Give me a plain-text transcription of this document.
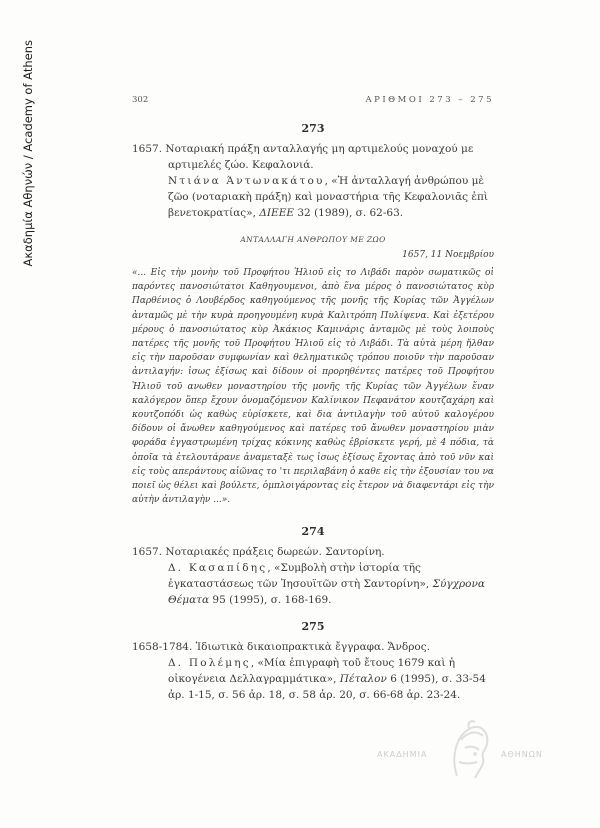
Ακαδημία Αθηνών / Academy of Athens	302	ΑΡΙΘΜΟΙ 273 – 275
273
1657. Νοταριακή πράξη ανταλλαγής μη αρτιμελούς μοναχού με αρτιμελές ζώο. Κεφαλονιά.
Ντιάνα Άντωνακάτου, «Ἡ ἀνταλλαγή ἀνθρώπου μὲ ζῶο (νοταριακὴ πράξη) καὶ μοναστήρια τῆς Κεφαλονιᾶς ἐπὶ βενετοκρατίας», ΔΙΕΕΕ 32 (1989), σ. 62-63.
ΑΝΤΑΛΛΑΓΗ ΑΝΘΡΩΠΟΥ ΜΕ ΖΩΟ
1657, 11 Νοεμβρίου
«... Εἰς τὴν μονὴν τοῦ Προφήτου Ἡλιοῦ εἰς το Λιβάδι παρὸν σωματικῶς οἱ παρόντες πανοσιώτατοι Καθηγουμενοι, ἀπὸ ἕνα μέρος ὁ πανοσιώτατος κὺρ Παρθένιος ὁ Λουβέρδος καθηγούμενος τῆς μονῆς τῆς Κυρίας τῶν Ἀγγέλων ἀνταμῶς μὲ τὴν κυρὰ προηγουμένη κυρὰ Καλιτρόπη Πυλίψενα. Καὶ ἐξετέρου μέρους ὁ πανοσιώτατος κὺρ Ἀκάκιος Καμινάρις ἀνταμῶς μὲ τοὺς λοιποὺς πατέρες τῆς μονῆς τοῦ Προφήτου Ἡλιοῦ εἰς τὸ Λιβάδι. Τὰ αὐτὰ μέρη ἤλθαν εἰς τὴν παροῦσαν συμφωνίαν καὶ θεληματικῶς τρόπου ποιοῦν τὴν παροῦσαν ἀντιλαγήν: ἰσως ἐξίσως καὶ δίδουν οἱ προρηθέντες πατέρες τοῦ Προφήτου Ἡλιοῦ τοῦ ανωθεν μοναστηρίου τῆς μονῆς τῆς Κυρίας τῶν Ἀγγέλων ἕναν καλόγερον ὅπερ ἔχουν ὀνομαζόμενον Καλίνικον Πεφανάτον κουτζαχάρη καὶ κουτζοπόδι ὡς καθὼς εὑρίσκετε, καὶ δια ἀντιλαγὴν τοῦ αὐτοῦ καλογέρου δίδουν οἱ ἄνωθεν καθηγούμενος καὶ πατέρες τοῦ ἄνωθεν μοναστηρίου μιὰν φοράδα ἐγγαστρωμένη τρίχας κόκινης καθὼς ἐβρίσκετε γερή, μὲ 4 πόδια, τὰ ὁποῖα τὰ ἐτελουτάρανε ἀναμεταξὲ τως ἰσως ἐξίσως ἔχοντας ἀπὸ τοῦ νῦν καὶ εἰς τοὺς απεράντους αἰῶνας το 'τι περιλαβάνη ὁ καθε εἰς τὴν ἐξουσίαν του να ποιεῖ ὡς θέλει καὶ βούλετε, ὁμπλοιγάροντας εἰς ἔτερον νὰ διαφεντάρι εἰς τὴν αὐτὴν ἀντιλαγὴν ...».
274
1657. Νοταριακές πράξεις δωρεών. Σαντορίνη.
Δ. Κασαπίδης, «Συμβολὴ στὴν ἱστορία τῆς ἐγκαταστάσεως τῶν Ἰησουϊτῶν στὴ Σαντορίνη», Σύγχρονα Θέματα 95 (1995), σ. 168-169.
275
1658-1784. Ἰδιωτικὰ δικαιοπρακτικὰ ἔγγραφα. Ἄνδρος.
Δ. Πολέμης, «Μία ἐπιγραφὴ τοῦ ἔτους 1679 καὶ ἡ οἰκογένεια Δελλαγραμμάτικα», Πέταλον 6 (1995), σ. 33-54 ἀρ. 1-15, σ. 56 ἀρ. 18, σ. 58 ἀρ. 20, σ. 66-68 ἀρ. 23-24.
ΑΚΑΔΗΜΙΑ	ΑΘΗΝΩΝ
